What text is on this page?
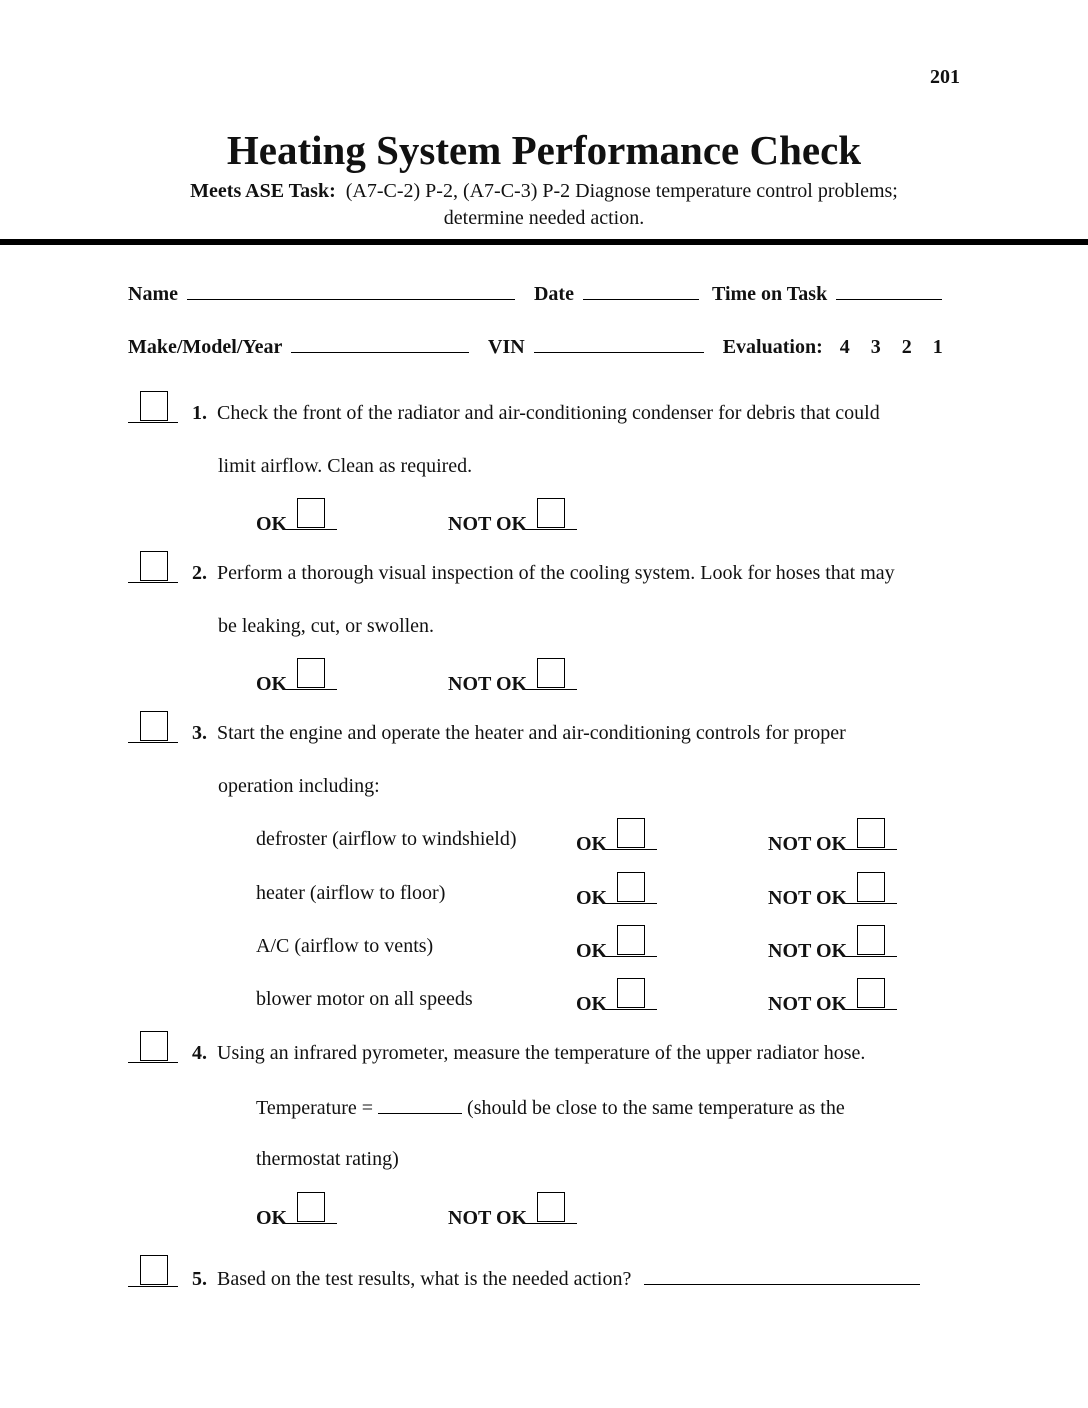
201
Heating System Performance Check
Meets ASE Task: (A7-C-2) P-2, (A7-C-3) P-2 Diagnose temperature control problems;
determine needed action.
Name	Date	Time on Task
Make/Model/Year	VIN	Evaluation: 4 3 2 1
1. Check the front of the radiator and air-conditioning condenser for debris that could
limit airflow. Clean as required.
OK	NOT OK
2. Perform a thorough visual inspection of the cooling system. Look for hoses that may
be leaking, cut, or swollen.
OK	NOT OK
3. Start the engine and operate the heater and air-conditioning controls for proper
operation including:
defroster (airflow to windshield)	OK	NOT OK
heater (airflow to floor)	OK	NOT OK
A/C (airflow to vents)	OK	NOT OK
blower motor on all speeds	OK	NOT OK
4. Using an infrared pyrometer, measure the temperature of the upper radiator hose.
Temperature =	(should be close to the same temperature as the
thermostat rating)
OK	NOT OK
5. Based on the test results, what is the needed action?
